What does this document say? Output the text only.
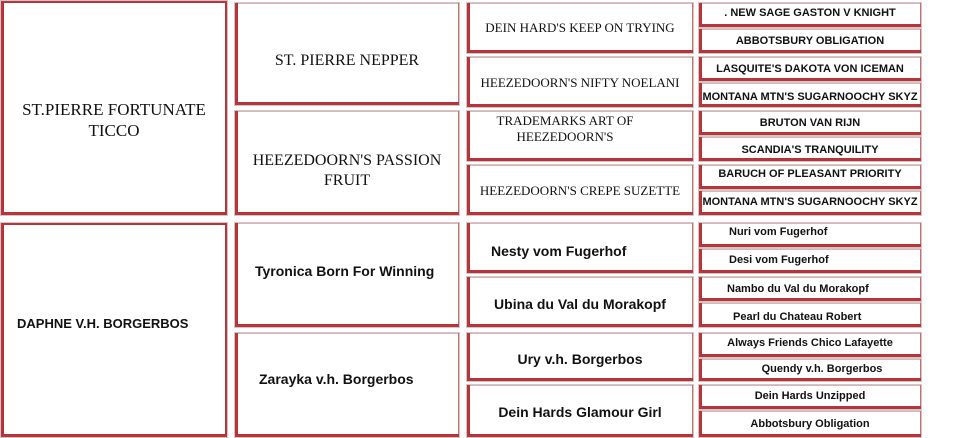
ST.PIERRE FORTUNATE TICCO
DAPHNE V.H. BORGERBOS
ST. PIERRE NEPPER
HEEZEDOORN'S PASSION FRUIT
Tyronica Born For Winning
Zarayka v.h. Borgerbos
DEIN HARD'S KEEP ON TRYING
HEEZEDOORN'S NIFTY NOELANI
TRADEMARKS ART OF HEEZEDOORN'S
HEEZEDOORN'S CREPE SUZETTE
Nesty vom Fugerhof
Ubina du Val du Morakopf
Ury v.h. Borgerbos
Dein Hards Glamour Girl
. NEW SAGE GASTON V KNIGHT
ABBOTSBURY OBLIGATION
LASQUITE'S DAKOTA VON ICEMAN
MONTANA MTN'S SUGARNOOCHY SKYZ
BRUTON VAN RIJN
SCANDIA'S TRANQUILITY
BARUCH OF PLEASANT PRIORITY
MONTANA MTN'S SUGARNOOCHY SKYZ
Nuri vom Fugerhof
Desi vom Fugerhof
Nambo du Val du Morakopf
Pearl du Chateau Robert
Always Friends Chico Lafayette
Quendy v.h. Borgerbos
Dein Hards Unzipped
Abbotsbury Obligation
